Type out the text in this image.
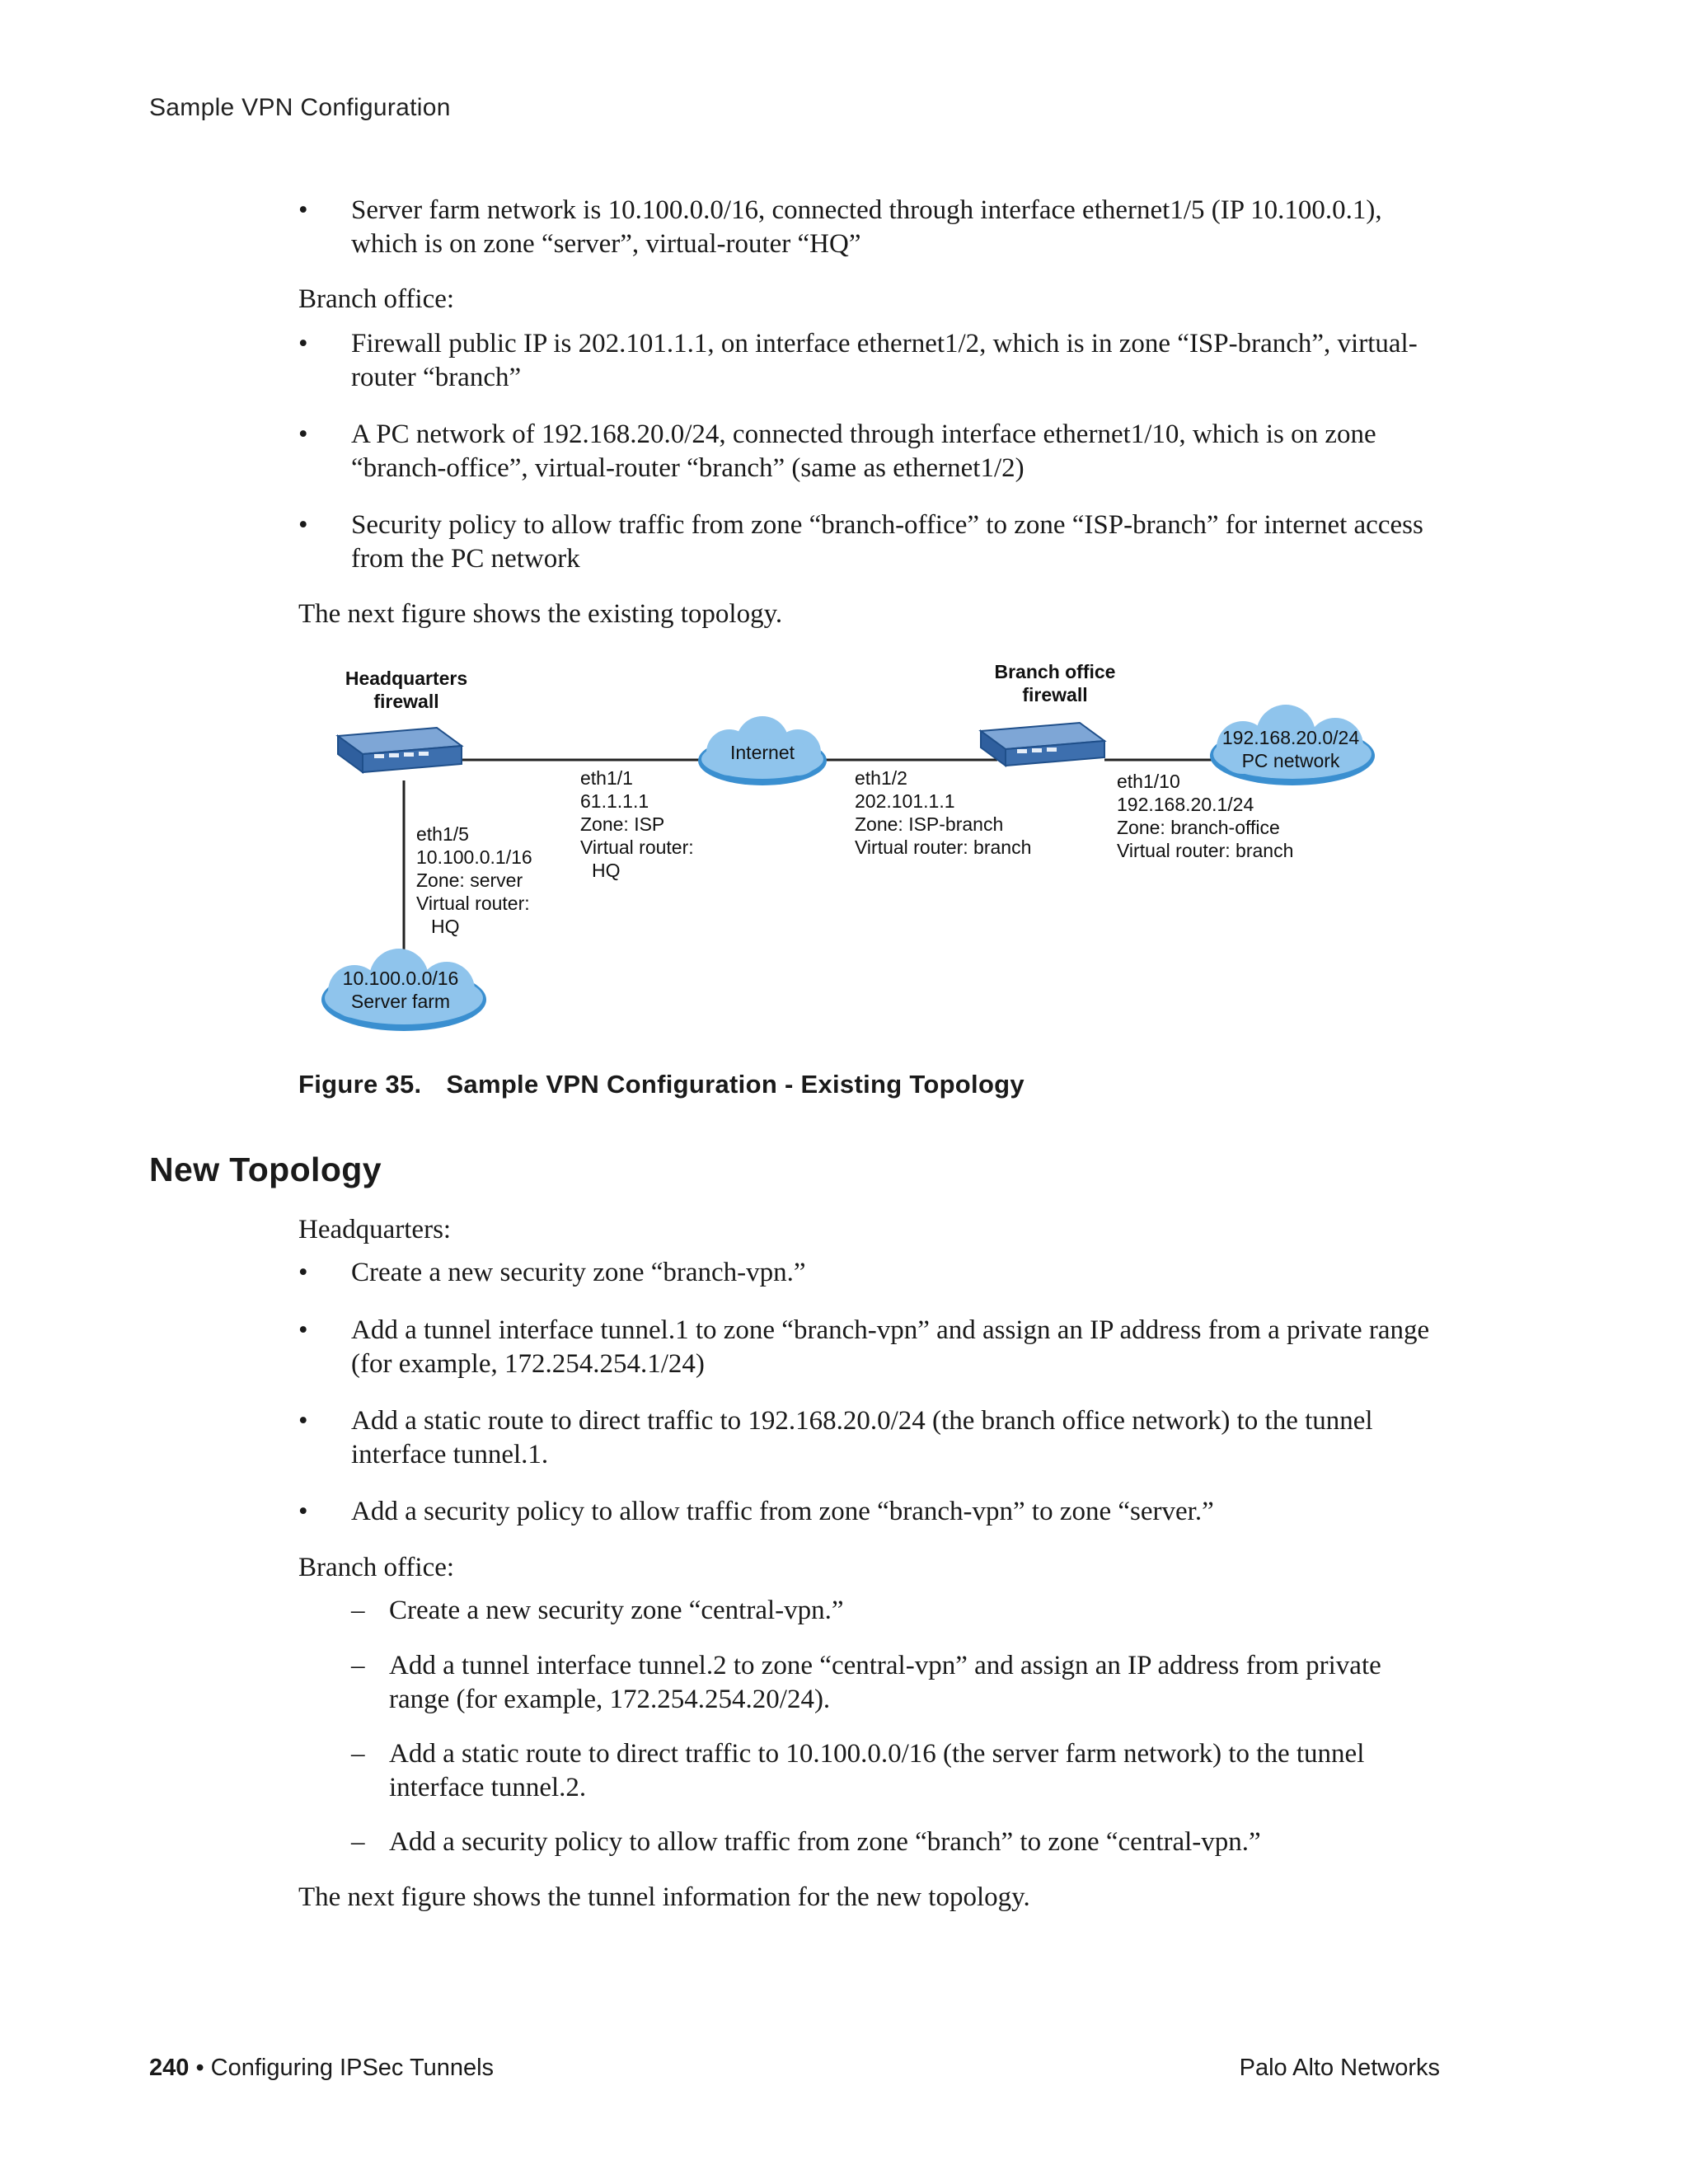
Sample VPN Configuration
•	Server farm network is 10.100.0.0/16, connected through interface ethernet1/5 (IP 10.100.0.1),
which is on zone “server”, virtual-router “HQ”
Branch office:
•	Firewall public IP is 202.101.1.1, on interface ethernet1/2, which is in zone “ISP-branch”, virtual-
router “branch”
•	A PC network of 192.168.20.0/24, connected through interface ethernet1/10, which is on zone
“branch-office”, virtual-router “branch” (same as ethernet1/2)
•	Security policy to allow traffic from zone “branch-office” to zone “ISP-branch” for internet access
from the PC network
The next figure shows the existing topology.
Internet
192.168.20.0/24
PC network
10.100.0.0/16
Server farm
Headquarters
firewall
Branch office
firewall
eth1/1
61.1.1.1
Zone: ISP
Virtual router:
HQ
eth1/5
10.100.0.1/16
Zone: server
Virtual router:
HQ
eth1/2
202.101.1.1
Zone: ISP-branch
Virtual router: branch
eth1/10
192.168.20.1/24
Zone: branch-office
Virtual router: branch
Figure 35. Sample VPN Configuration - Existing Topology
New Topology
Headquarters:
•	Create a new security zone “branch-vpn.”
•	Add a tunnel interface tunnel.1 to zone “branch-vpn” and assign an IP address from a private range
(for example, 172.254.254.1/24)
•	Add a static route to direct traffic to 192.168.20.0/24 (the branch office network) to the tunnel
interface tunnel.1.
•	Add a security policy to allow traffic from zone “branch-vpn” to zone “server.”
Branch office:
– Create a new security zone “central-vpn.”
– Add a tunnel interface tunnel.2 to zone “central-vpn” and assign an IP address from private
range (for example, 172.254.254.20/24).
– Add a static route to direct traffic to 10.100.0.0/16 (the server farm network) to the tunnel
interface tunnel.2.
– Add a security policy to allow traffic from zone “branch” to zone “central-vpn.”
The next figure shows the tunnel information for the new topology.
240 • Configuring IPSec Tunnels	Palo Alto Networks
